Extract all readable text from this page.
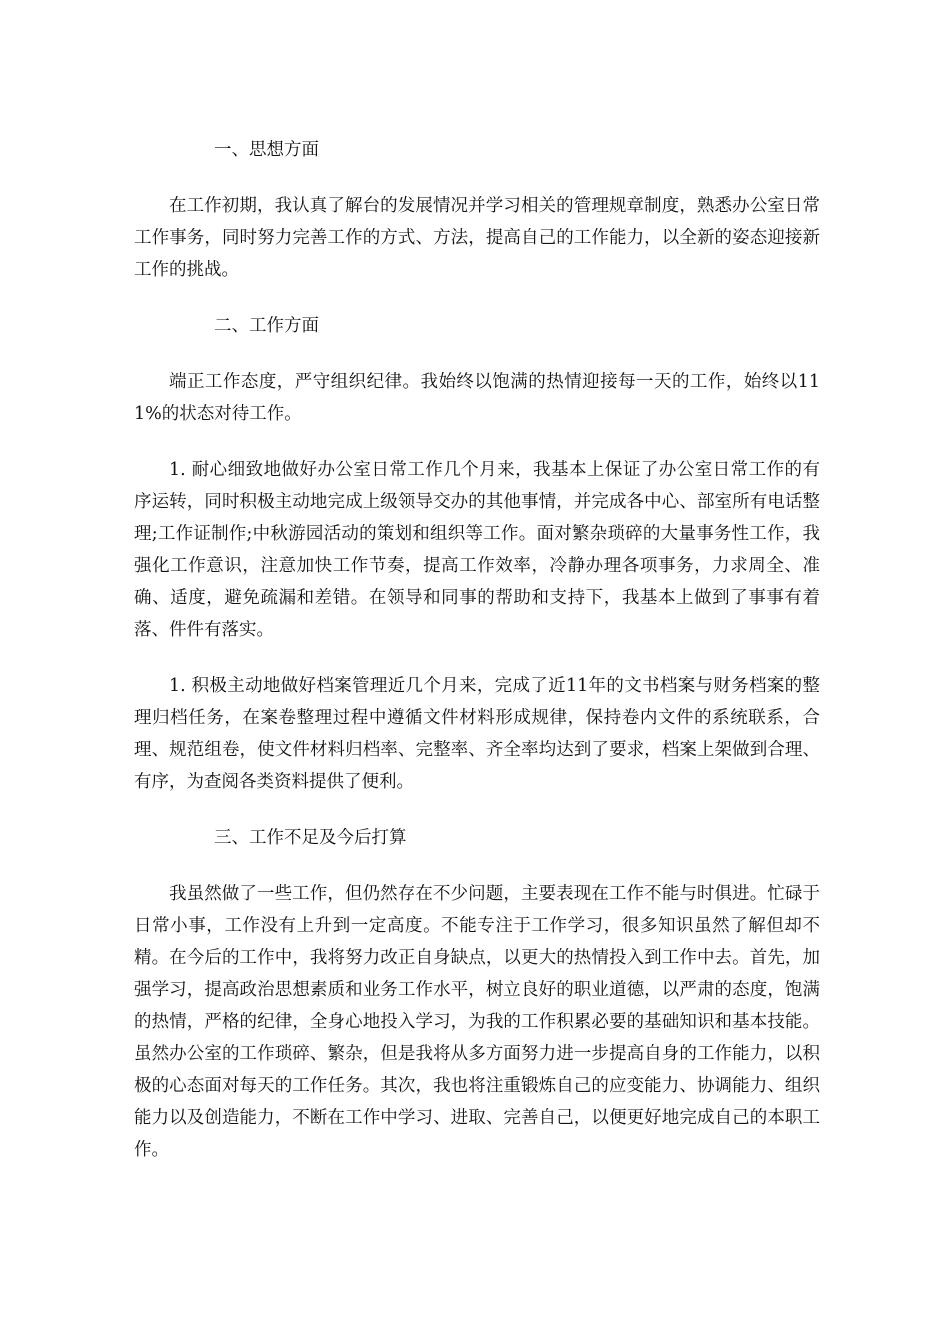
一、思想方面

在工作初期，我认真了解台的发展情况并学习相关的管理规章制度，熟悉办公室日常工作事务，同时努力完善工作的方式、方法，提高自己的工作能力，以全新的姿态迎接新工作的挑战。

二、工作方面

端正工作态度，严守组织纪律。我始终以饱满的热情迎接每一天的工作，始终以111%的状态对待工作。

1. 耐心细致地做好办公室日常工作几个月来，我基本上保证了办公室日常工作的有序运转，同时积极主动地完成上级领导交办的其他事情，并完成各中心、部室所有电话整理;工作证制作;中秋游园活动的策划和组织等工作。面对繁杂琐碎的大量事务性工作，我强化工作意识，注意加快工作节奏，提高工作效率，冷静办理各项事务，力求周全、准确、适度，避免疏漏和差错。在领导和同事的帮助和支持下，我基本上做到了事事有着落、件件有落实。

1. 积极主动地做好档案管理近几个月来，完成了近11年的文书档案与财务档案的整理归档任务，在案卷整理过程中遵循文件材料形成规律，保持卷内文件的系统联系，合理、规范组卷，使文件材料归档率、完整率、齐全率均达到了要求，档案上架做到合理、有序，为查阅各类资料提供了便利。

三、工作不足及今后打算

我虽然做了一些工作，但仍然存在不少问题，主要表现在工作不能与时俱进。忙碌于日常小事，工作没有上升到一定高度。不能专注于工作学习，很多知识虽然了解但却不精。在今后的工作中，我将努力改正自身缺点，以更大的热情投入到工作中去。首先，加强学习，提高政治思想素质和业务工作水平，树立良好的职业道德，以严肃的态度，饱满的热情，严格的纪律，全身心地投入学习，为我的工作积累必要的基础知识和基本技能。虽然办公室的工作琐碎、繁杂，但是我将从多方面努力进一步提高自身的工作能力，以积极的心态面对每天的工作任务。其次，我也将注重锻炼自己的应变能力、协调能力、组织能力以及创造能力，不断在工作中学习、进取、完善自己，以便更好地完成自己的本职工作。
